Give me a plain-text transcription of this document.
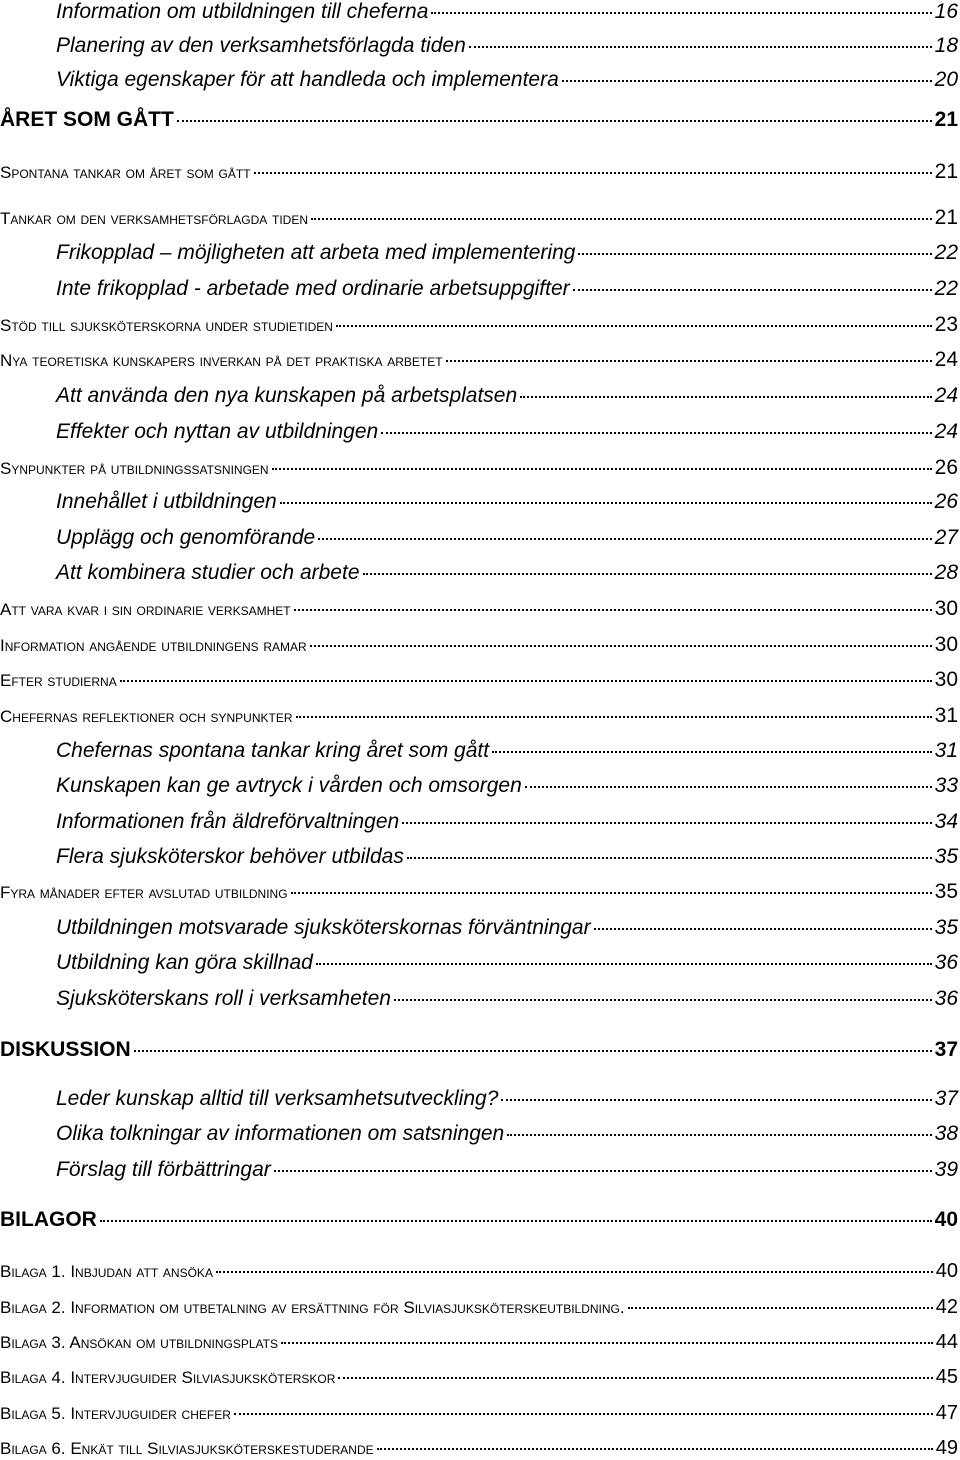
Information om utbildningen till cheferna	16
Planering av den verksamhetsförlagda tiden	18
Viktiga egenskaper för att handleda och implementera	20
ÅRET SOM GÅTT	21
Spontana tankar om året som gått	21
Tankar om den verksamhetsförlagda tiden	21
Frikopplad – möjligheten att arbeta med implementering	22
Inte frikopplad - arbetade med ordinarie arbetsuppgifter	22
Stöd till sjuksköterskorna under studietiden	23
Nya teoretiska kunskapers inverkan på det praktiska arbetet	24
Att använda den nya kunskapen på arbetsplatsen	24
Effekter och nyttan av utbildningen	24
Synpunkter på utbildningssatsningen	26
Innehållet i utbildningen	26
Upplägg och genomförande	27
Att kombinera studier och arbete	28
Att vara kvar i sin ordinarie verksamhet	30
Information angående utbildningens ramar	30
Efter studierna	30
Chefernas reflektioner och synpunkter	31
Chefernas spontana tankar kring året som gått	31
Kunskapen kan ge avtryck i vården och omsorgen	33
Informationen från äldreförvaltningen	34
Flera sjuksköterskor behöver utbildas	35
Fyra månader efter avslutad utbildning	35
Utbildningen motsvarade sjuksköterskornas förväntningar	35
Utbildning kan göra skillnad	36
Sjuksköterskans roll i verksamheten	36
DISKUSSION	37
Leder kunskap alltid till verksamhetsutveckling?	37
Olika tolkningar av informationen om satsningen	38
Förslag till förbättringar	39
BILAGOR	40
Bilaga 1. Inbjudan att ansöka	40
Bilaga 2. Information om utbetalning av ersättning för Silviasjuksköterskeutbildning.	42
Bilaga 3. Ansökan om utbildningsplats	44
Bilaga 4. Intervjuguider Silviasjuksköterskor	45
Bilaga 5. Intervjuguider chefer	47
Bilaga 6. Enkät till Silviasjuksköterskestuderande	49
